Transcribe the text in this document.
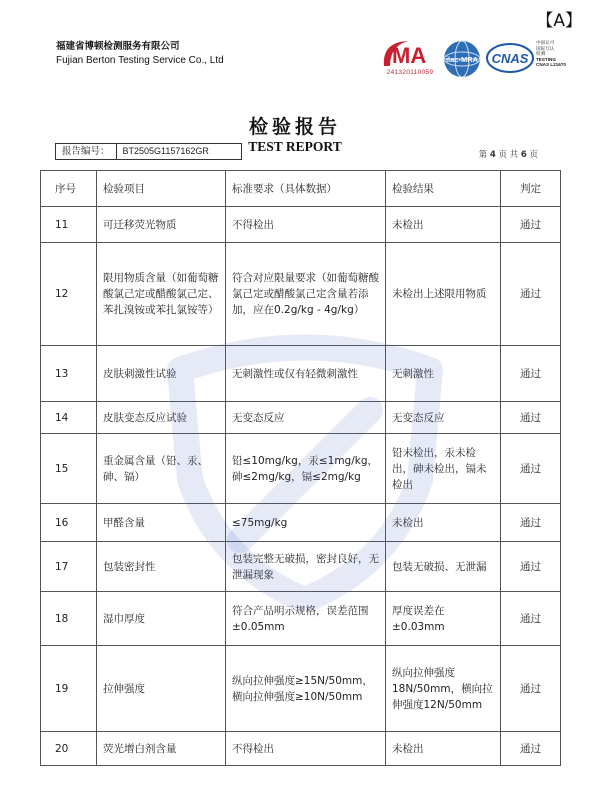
【A】
福建省博顿检测服务有限公司
Fujian Berton Testing Service Co., Ltd	MA
241320110059
ilac-MRA CNAS
中国认可
国际互认
检测
TESTING
CNAS L21670
检验报告
TEST REPORT
报告编号：	BT2505G1157162GR	第 4 页 共 6 页
序号	检验项目	标准要求（具体数据）	检验结果	判定
11	可迁移荧光物质	不得检出	未检出	通过
12	限用物质含量（如葡萄糖酸氯己定或醋酸氯己定、苯扎溴铵或苯扎氯铵等）	符合对应限量要求（如葡萄糖酸氯己定或醋酸氯己定含量若添加，应在0.2g/kg - 4g/kg）	未检出上述限用物质	通过
13	皮肤刺激性试验	无刺激性或仅有轻微刺激性	无刺激性	通过
14	皮肤变态反应试验	无变态反应	无变态反应	通过
15	重金属含量（铅、汞、砷、镉）	铅≤10mg/kg，汞≤1mg/kg，砷≤2mg/kg，镉≤2mg/kg	铅未检出，汞未检出，砷未检出，镉未检出	通过
16	甲醛含量	≤75mg/kg	未检出	通过
17	包装密封性	包装完整无破损，密封良好，无泄漏现象	包装无破损、无泄漏	通过
18	湿巾厚度	符合产品明示规格，误差范围 ±0.05mm	厚度误差在±0.03mm	通过
19	拉伸强度	纵向拉伸强度≥15N/50mm，横向拉伸强度≥10N/50mm	纵向拉伸强度18N/50mm，横向拉伸强度12N/50mm	通过
20	荧光增白剂含量	不得检出	未检出	通过
